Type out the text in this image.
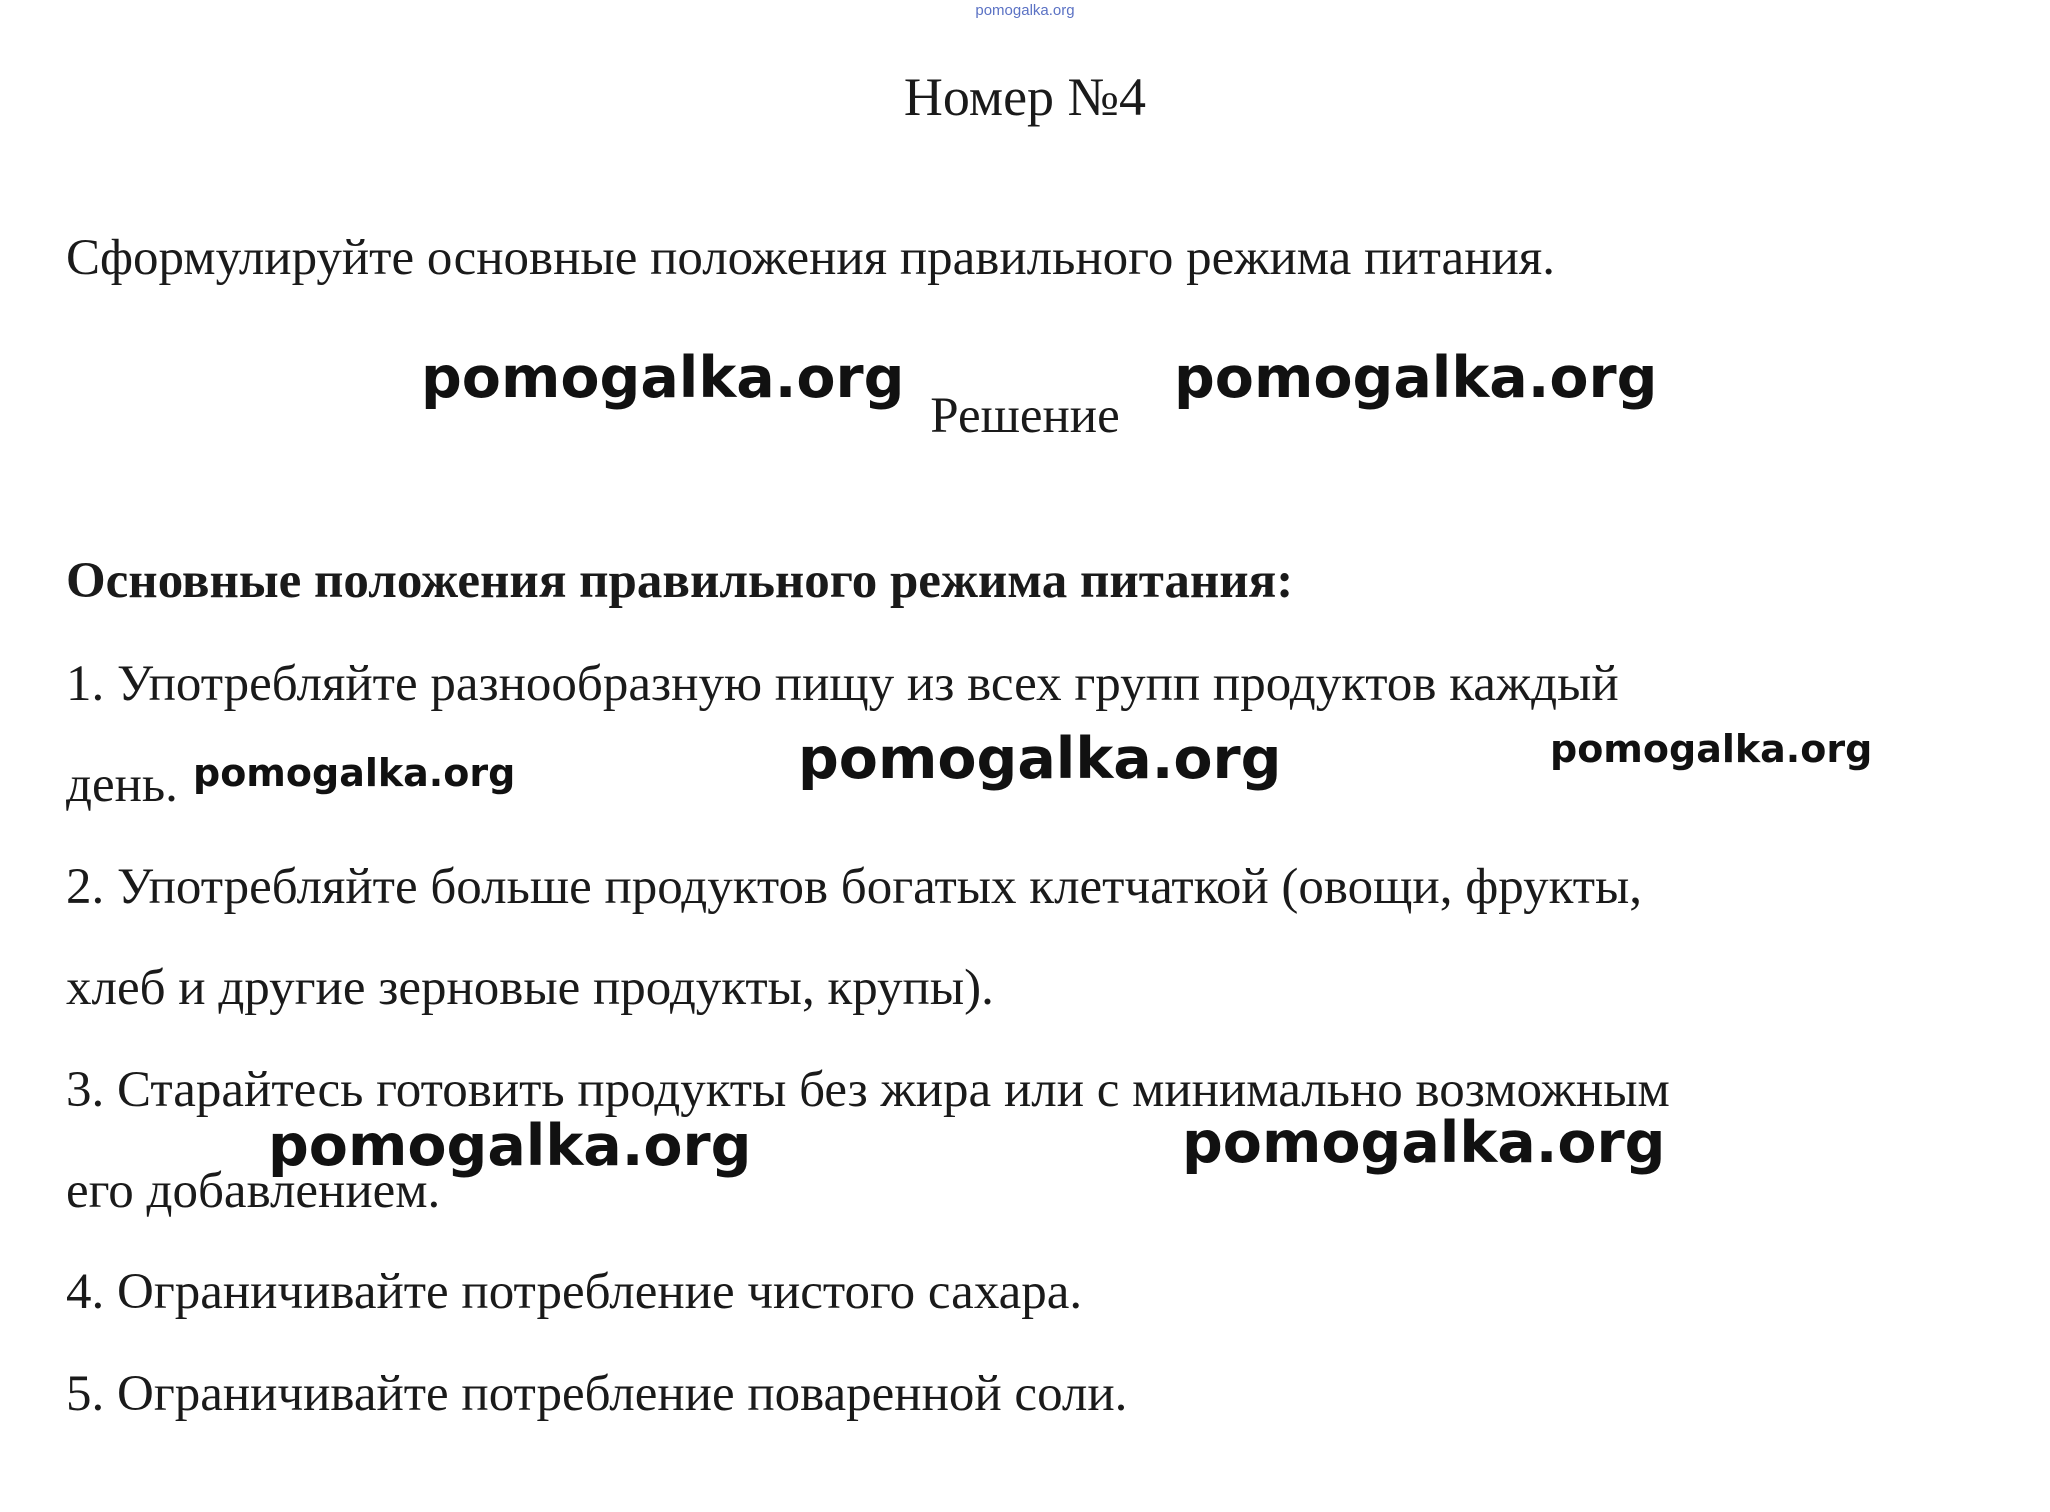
pomogalka.org
Номер №4
Сформулируйте основные положения правильного режима питания.
Решение
Основные положения правильного режима питания:
1. Употребляйте разнообразную пищу из всех групп продуктов каждый
день.
2. Употребляйте больше продуктов богатых клетчаткой (овощи, фрукты,
хлеб и другие зерновые продукты, крупы).
3. Старайтесь готовить продукты без жира или с минимально возможным
его добавлением.
4. Ограничивайте потребление чистого сахара.
5. Ограничивайте потребление поваренной соли.
pomogalka.org	pomogalka.org
pomogalka.org	pomogalka.org	pomogalka.org
pomogalka.org	pomogalka.org
